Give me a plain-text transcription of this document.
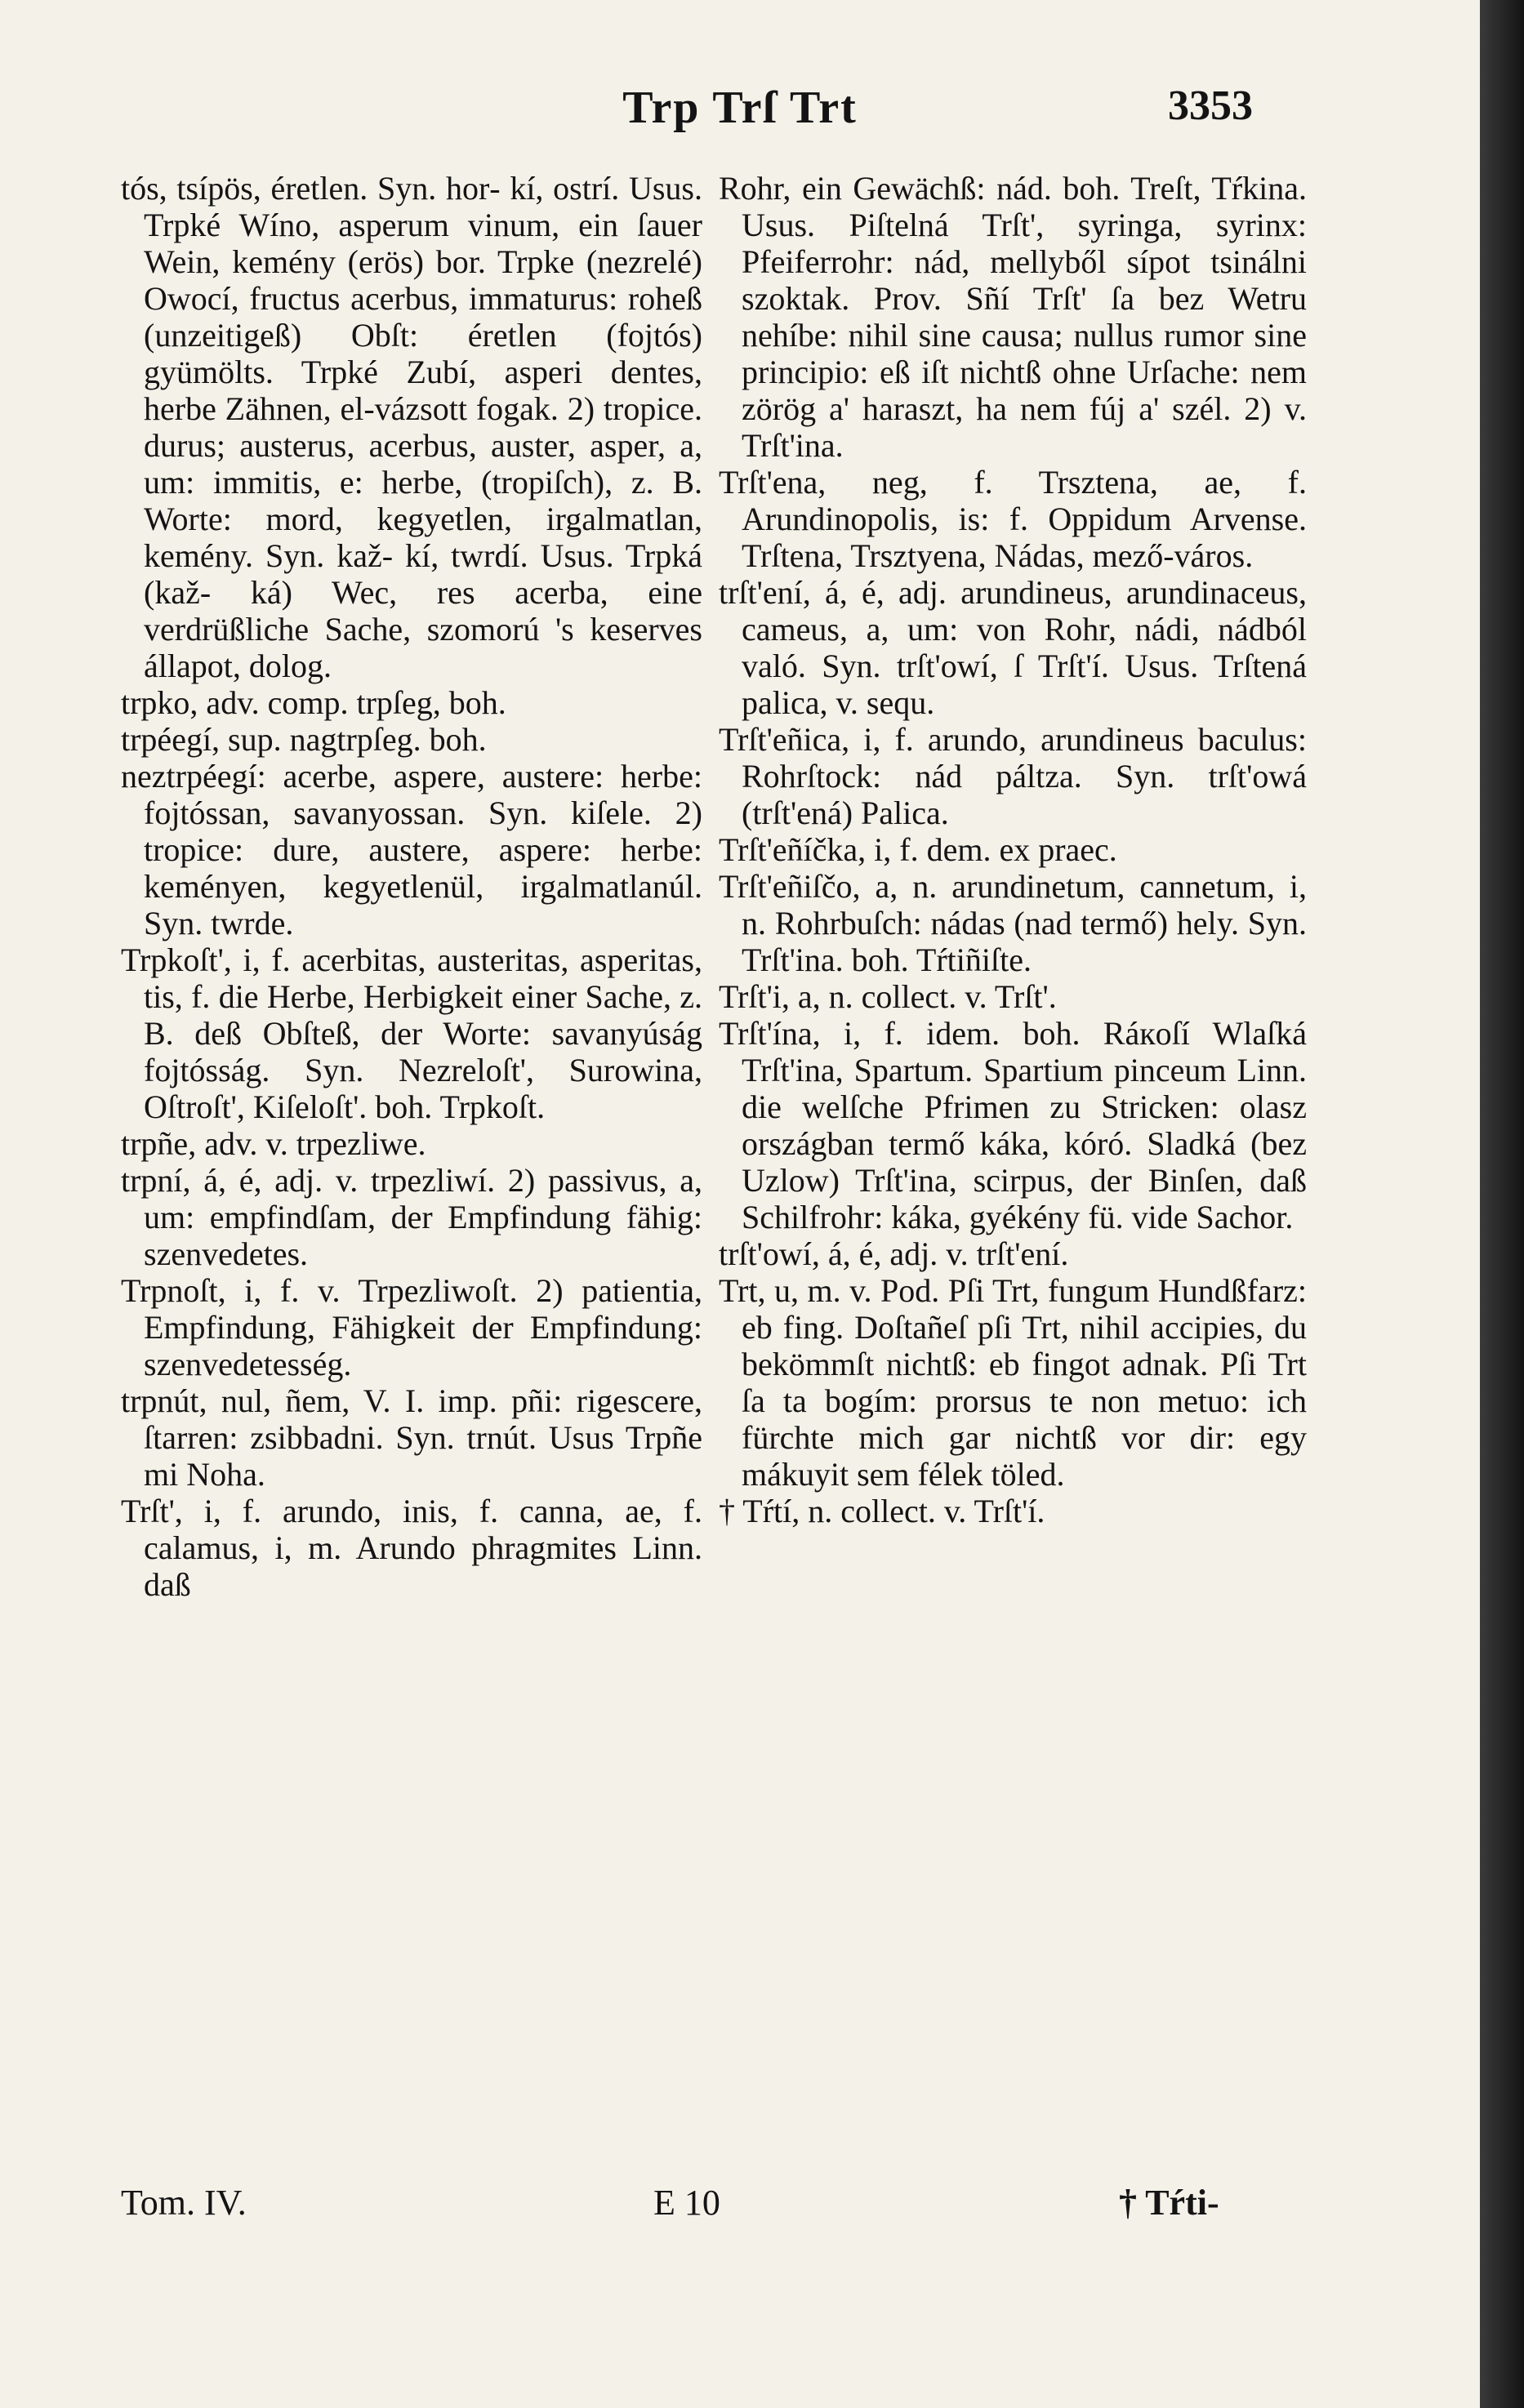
Trp Trſ Trt	3353

tós, tsípös, éretlen. Syn. hor‑ kí, ostrí. Usus. Trpké Wíno, asperum vinum, ein ſauer Wein, kemény (erös) bor. Trpke (nezrelé) Owocí, fructus acerbus, immaturus: roheß (unzeitigeß) Obſt: éretlen (fojtós) gyümölts. Trpké Zubí, asperi dentes, herbe Zähnen, el‑vázsott fogak. 2) tropice. durus; austerus, acerbus, auster, asper, a, um: immitis, e: herbe, (tropiſch), z. B. Worte: mord, kegyetlen, irgalmatlan, kemény. Syn. kaž‑ kí, twrdí. Usus. Trpká (kaž‑ ká) Wec, res acerba, eine verdrüßliche Sache, szomorú 's keserves állapot, dolog.

trpko, adv. comp. trpſeg, boh.

trpéegí, sup. nagtrpſeg. boh.

neztrpéegí: acerbe, aspere, austere: herbe: fojtóssan, savanyossan. Syn. kiſele. 2) tropice: dure, austere, aspere: herbe: keményen, kegyetlenül, irgalmatlanúl. Syn. twrde.

Trpkoſt', i, f. acerbitas, austeritas, asperitas, tis, f. die Herbe, Herbigkeit einer Sache, z. B. deß Obſteß, der Worte: savanyúság fojtósság. Syn. Nezreloſt', Surowina, Oſtroſt', Kiſeloſt'. boh. Trpkoſt.

trpñe, adv. v. trpezliwe.

trpní, á, é, adj. v. trpezliwí. 2) passivus, a, um: empfindſam, der Empfindung fähig: szenvedetes.

Trpnoſt, i, f. v. Trpezliwoſt. 2) patientia, Empfindung, Fähigkeit der Empfindung: szenvedetesség.

trpnút, nul, ñem, V. I. imp. pñi: rigescere, ſtarren: zsibbadni. Syn. trnút. Usus Trpñe mi Noha.

Trſt', i, f. arundo, inis, f. canna, ae, f. calamus, i, m. Arundo phragmites Linn. daß

Rohr, ein Gewächß: nád. boh. Treſt, Tŕkina. Usus. Piſtelná Trſt', syringa, syrinx: Pfeiferrohr: nád, mellyből sípot tsinálni szoktak. Prov. Sñí Trſt' ſa bez Wetru nehíbe: nihil sine causa; nullus rumor sine principio: eß iſt nichtß ohne Urſache: nem zörög a' haraszt, ha nem fúj a' szél. 2) v. Trſt'ina.

Trſt'ena, neg, f. Trsztena, ae, f. Arundinopolis, is: f. Oppidum Arvense. Trſtena, Trsztyena, Nádas, mező‑város.

trſt'ení, á, é, adj. arundineus, arundinaceus, cameus, a, um: von Rohr, nádi, nádból való. Syn. trſt'owí, ſ Trſt'í. Usus. Trſtená palica, v. sequ.

Trſt'eñica, i, f. arundo, arundineus baculus: Rohrſtock: nád páltza. Syn. trſt'owá (trſt'ená) Palica.

Trſt'eñíčka, i, f. dem. ex praec.

Trſt'eñiſčo, a, n. arundinetum, cannetum, i, n. Rohrbuſch: nádas (nad termő) hely. Syn. Trſt'ina. boh. Tŕtiñiſte.

Trſt'i, a, n. collect. v. Trſt'.

Trſt'ína, i, f. idem. boh. Ráкoſí Wlaſká Trſt'ina, Spartum. Spartium pinceum Linn. die welſche Pfrimen zu Stricken: olasz országban termő káka, kóró. Sladká (bez Uzlow) Trſt'ina, scirpus, der Binſen, daß Schilfrohr: káka, gyékény fü. vide Sachor.

trſt'owí, á, é, adj. v. trſt'ení.

Trt, u, m. v. Pod. Pſi Trt, fungum Hundßfarz: eb fing. Doſtañeſ pſi Trt, nihil accipies, du bekömmſt nichtß: eb fingot adnak. Pſi Trt ſa ta bogím: prorsus te non metuo: ich fürchte mich gar nichtß vor dir: egy mákuyit sem félek töled.

† Tŕtí, n. collect. v. Trſt'í.

Tom. IV.	E 10	† Tŕti‑
